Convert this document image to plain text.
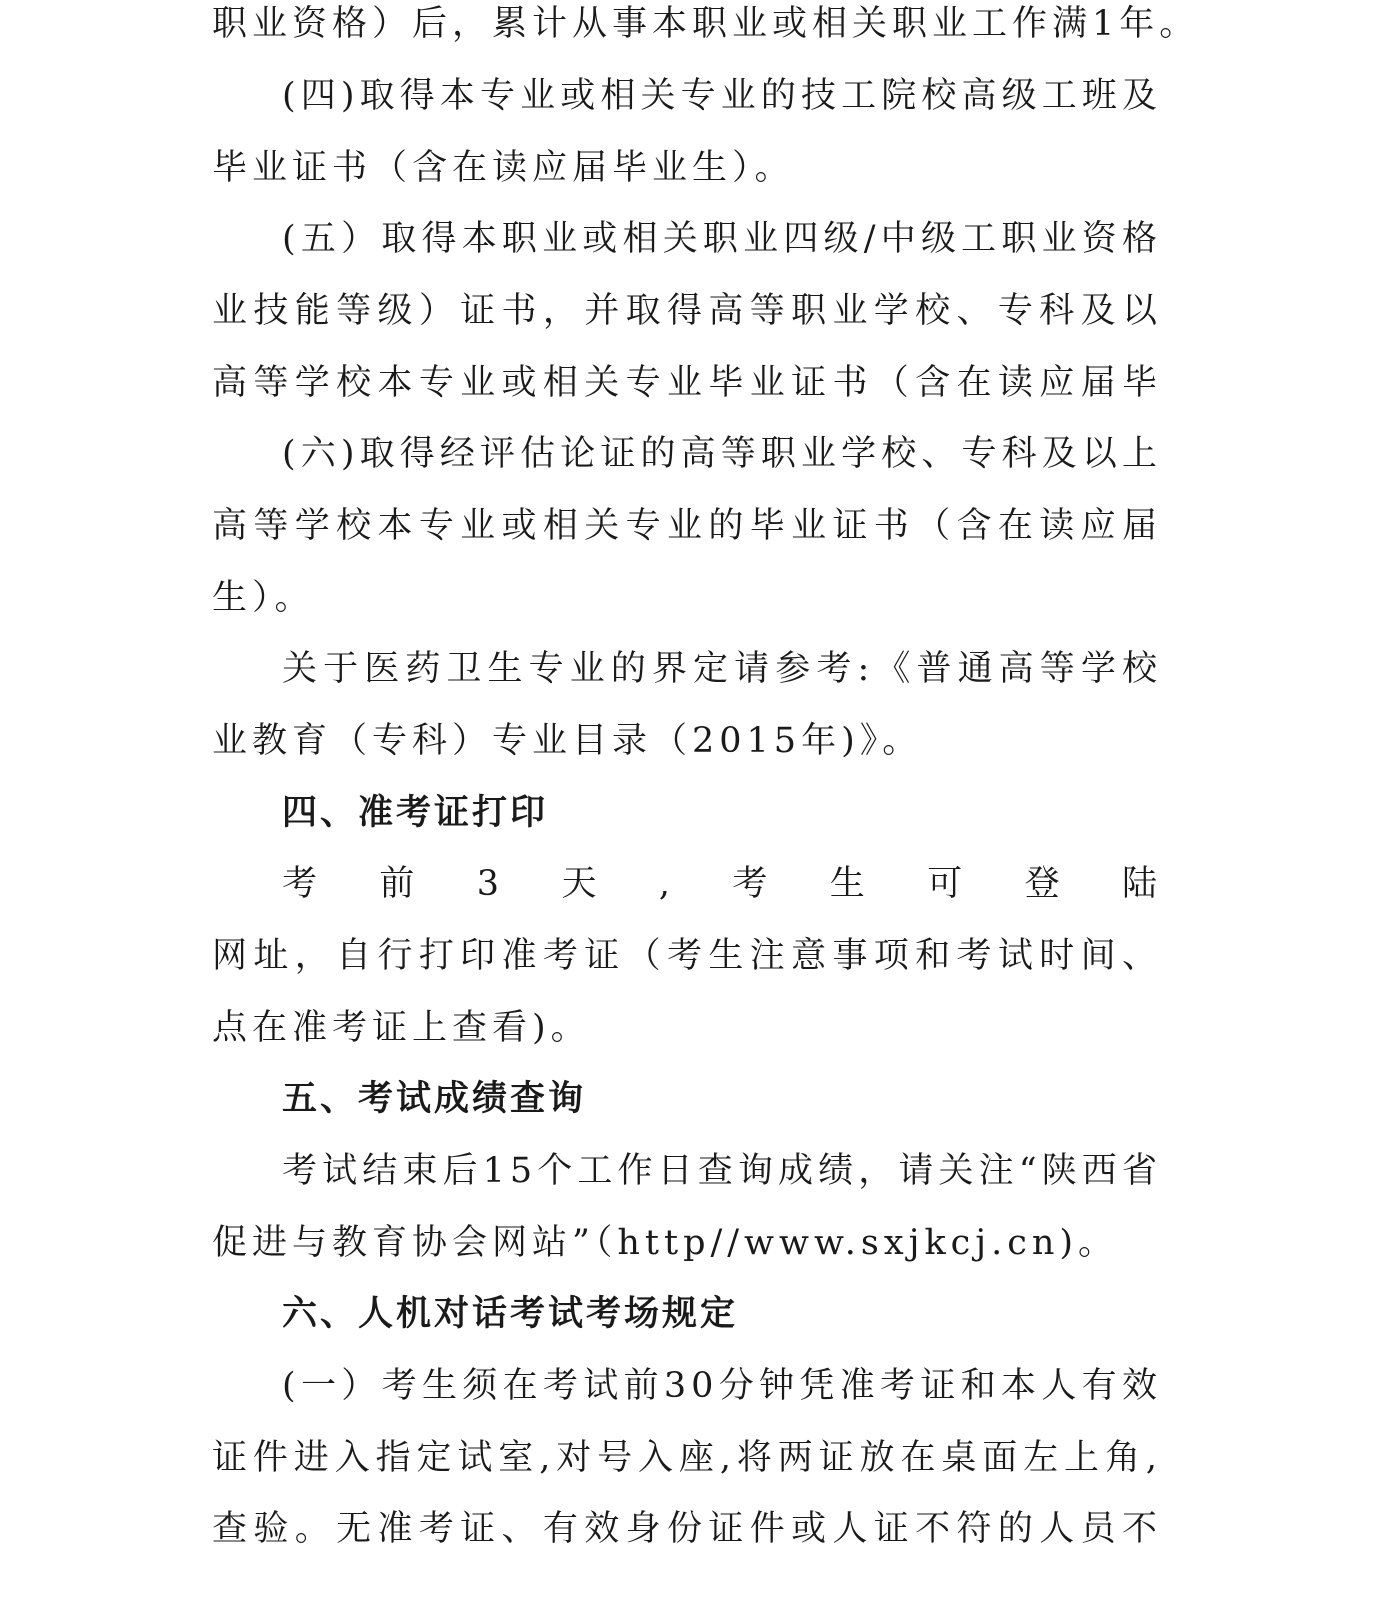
职业资格）后，累计从事本职业或相关职业工作满1年。
(四)取得本专业或相关专业的技工院校高级工班及
毕业证书（含在读应届毕业生）。
(五）取得本职业或相关职业四级/中级工职业资格
业技能等级）证书，并取得高等职业学校、专科及以
高等学校本专业或相关专业毕业证书（含在读应届毕
(六)取得经评估论证的高等职业学校、专科及以上
高等学校本专业或相关专业的毕业证书（含在读应届
生）。
关于医药卫生专业的界定请参考:《普通高等学校
业教育（专科）专业目录（2015年)》。
四、准考证打印
考前3天,考生可登陆
网址，自行打印准考证（考生注意事项和考试时间、
点在准考证上查看)。
五、考试成绩查询
考试结束后15个工作日查询成绩，请关注“陕西省
促进与教育协会网站”（http//www.sxjkcj.cn)。
六、人机对话考试考场规定
(一）考生须在考试前30分钟凭准考证和本人有效
证件进入指定试室,对号入座,将两证放在桌面左上角,
查验。无准考证、有效身份证件或人证不符的人员不
